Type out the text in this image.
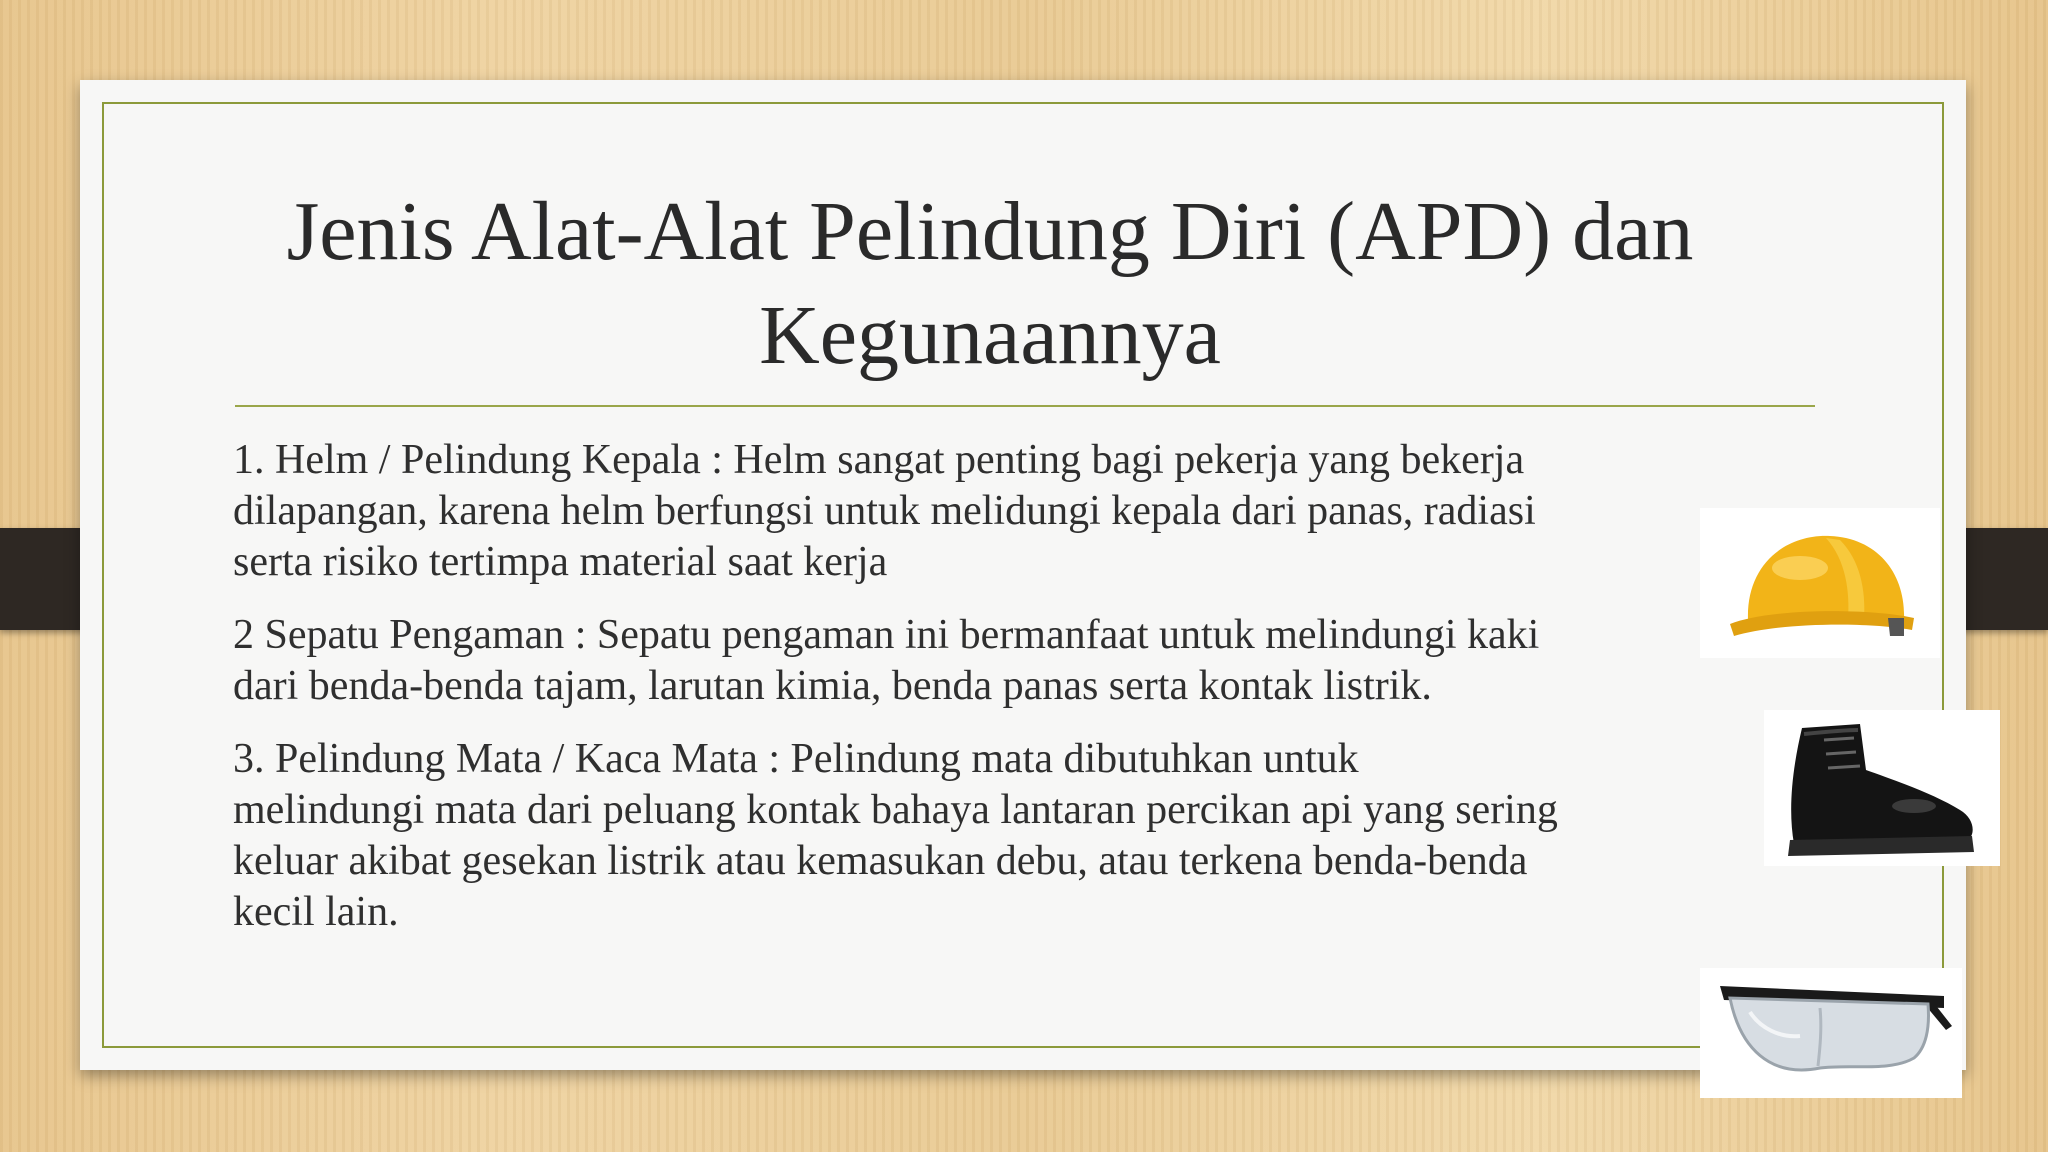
Jenis Alat-Alat Pelindung Diri (APD) dan
Kegunaannya
1. Helm / Pelindung Kepala : Helm sangat penting bagi pekerja yang bekerja
dilapangan, karena helm berfungsi untuk melidungi kepala dari panas, radiasi
serta risiko tertimpa material saat kerja
2 Sepatu Pengaman : Sepatu pengaman ini bermanfaat untuk melindungi kaki
dari benda-benda tajam, larutan kimia, benda panas serta kontak listrik.
3. Pelindung Mata / Kaca Mata : Pelindung mata dibutuhkan untuk
melindungi mata dari peluang kontak bahaya lantaran percikan api yang sering
keluar akibat gesekan listrik atau kemasukan debu, atau terkena benda-benda
kecil lain.
